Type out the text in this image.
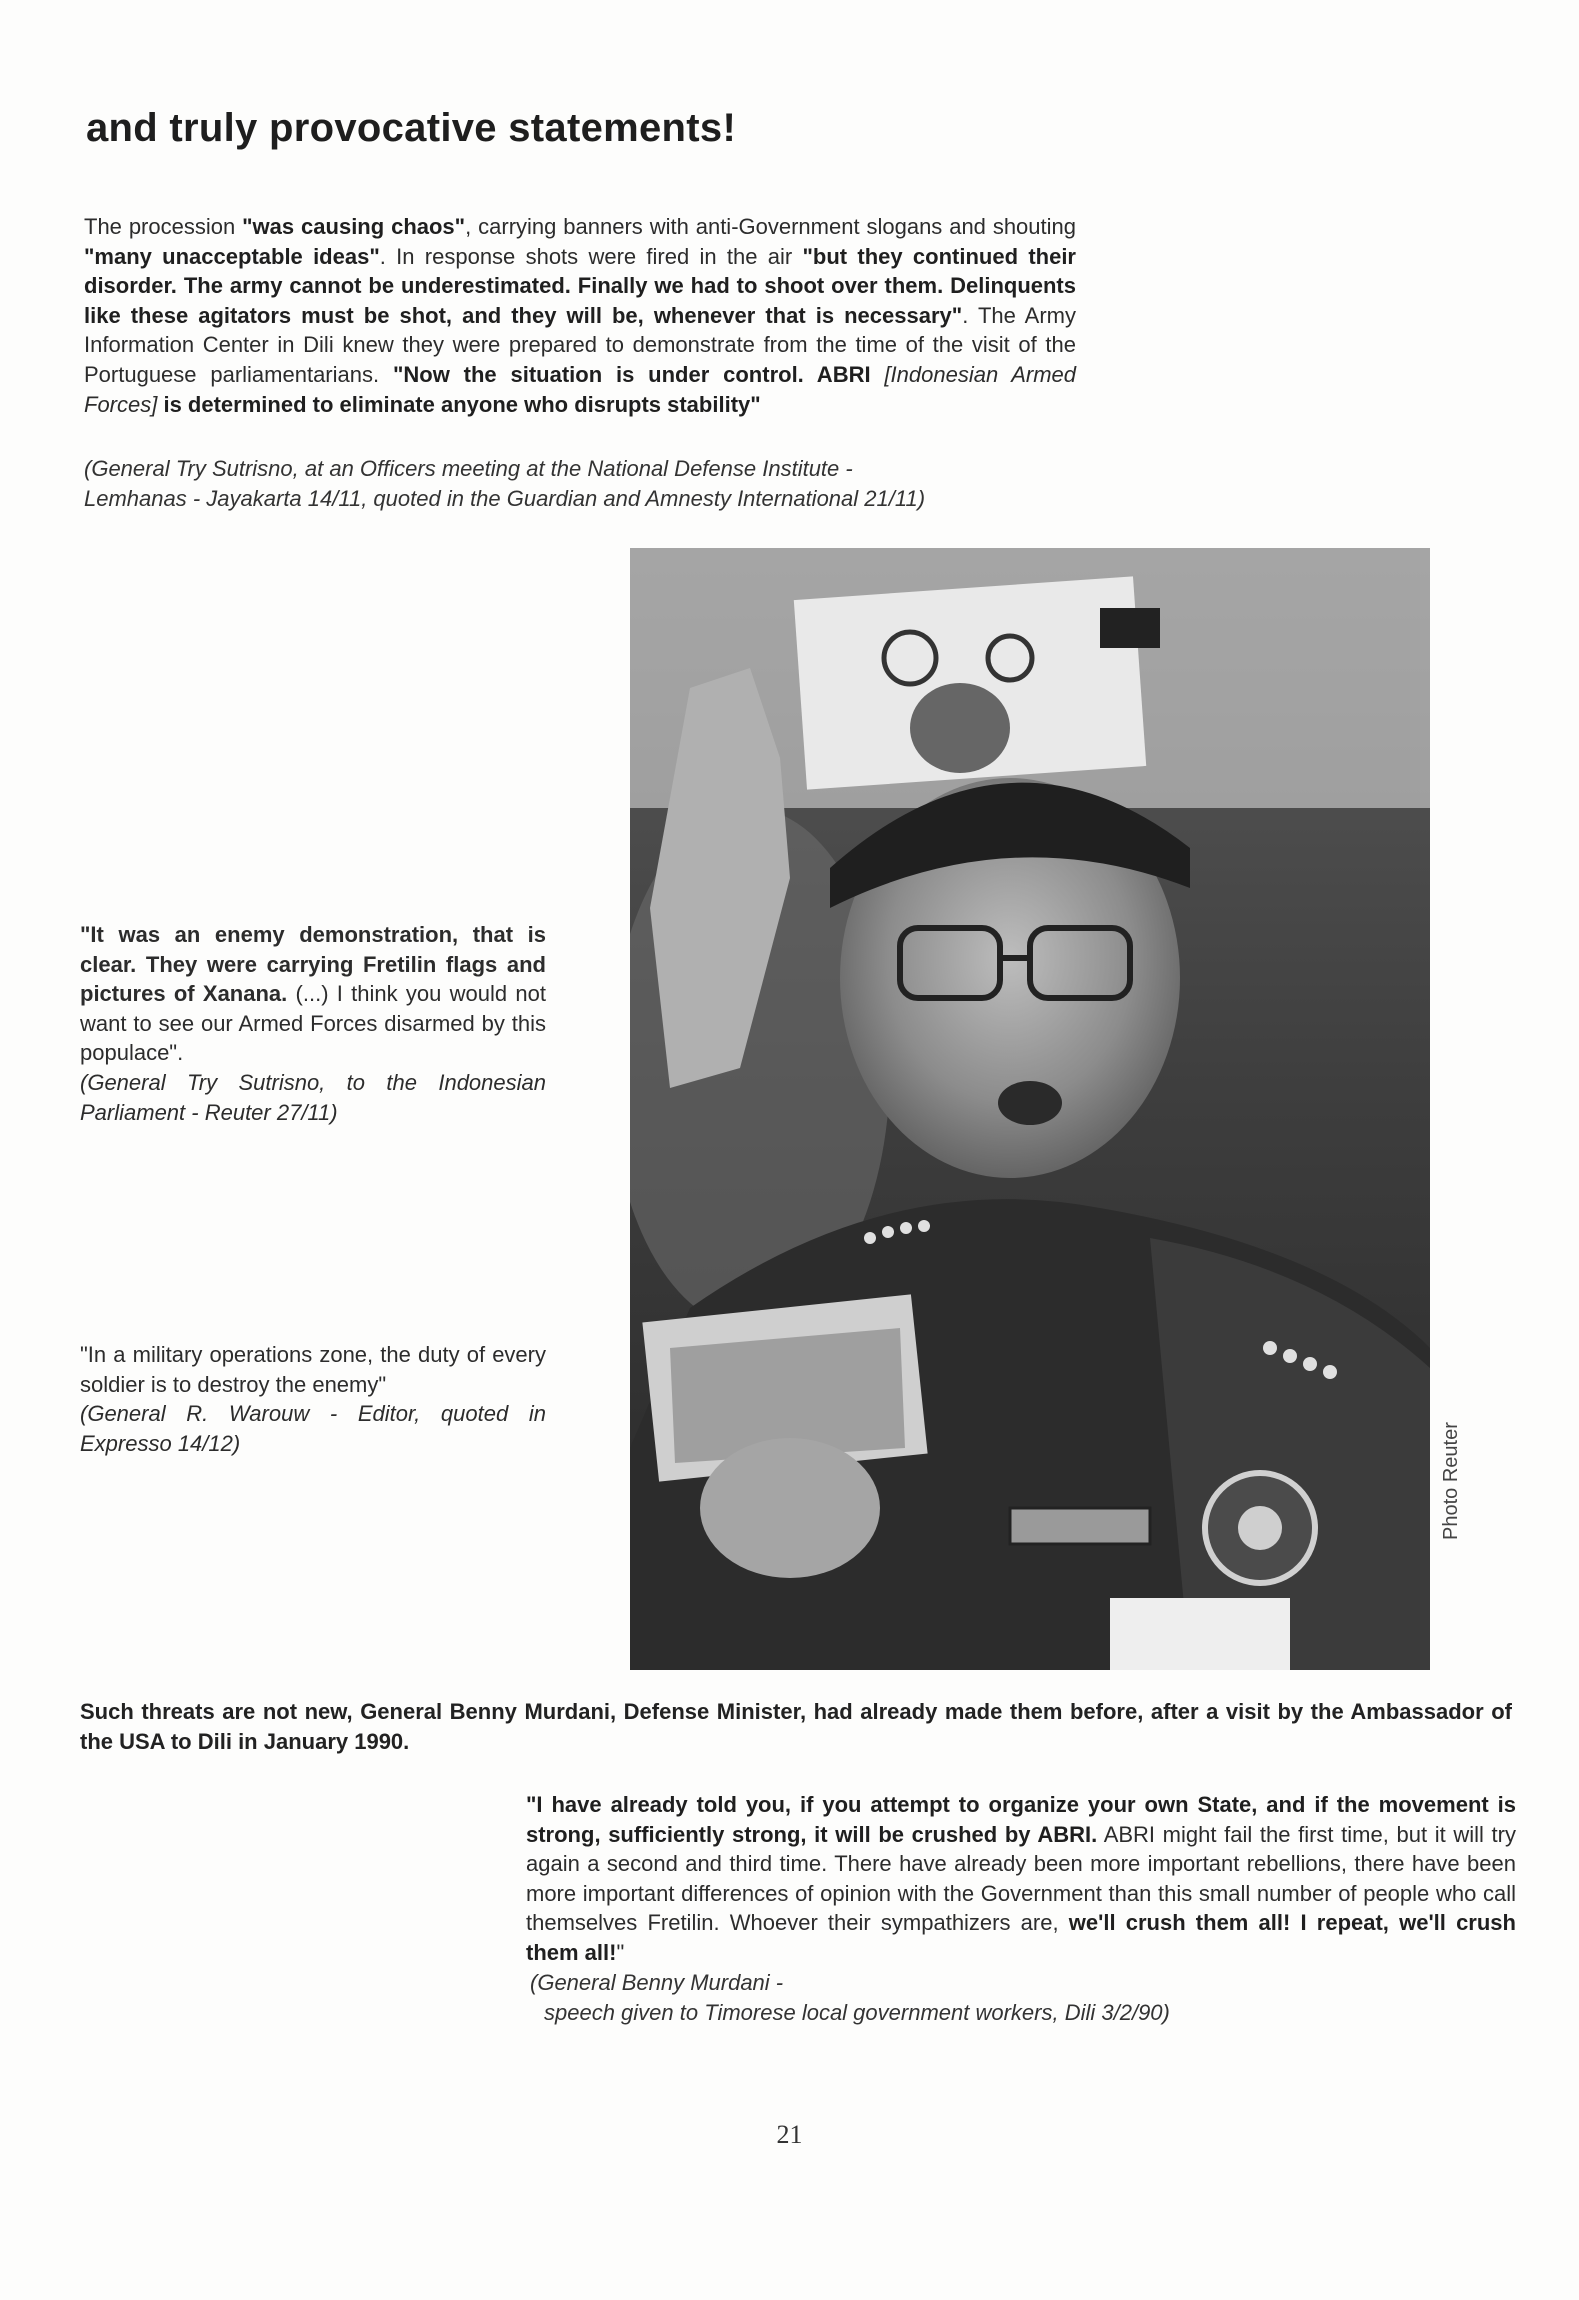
and truly provocative statements!

The procession "was causing chaos", carrying banners with anti-Government slogans and shouting "many unacceptable ideas". In response shots were fired in the air "but they continued their disorder. The army cannot be underestimated. Finally we had to shoot over them. Delinquents like these agitators must be shot, and they will be, whenever that is necessary". The Army Information Center in Dili knew they were prepared to demonstrate from the time of the visit of the Portuguese parliamentarians. "Now the situation is under control. ABRI [Indonesian Armed Forces] is determined to eliminate anyone who disrupts stability"

(General Try Sutrisno, at an Officers meeting at the National Defense Institute -
Lemhanas - Jayakarta 14/11, quoted in the Guardian and Amnesty International 21/11)

Photo Reuter

"It was an enemy demonstration, that is clear. They were carrying Fretilin flags and pictures of Xanana. (...) I think you would not want to see our Armed Forces disarmed by this populace".
(General Try Sutrisno, to the Indonesian Parliament - Reuter 27/11)

"In a military operations zone, the duty of every soldier is to destroy the enemy"
(General R. Warouw - Editor, quoted in Expresso 14/12)

Such threats are not new, General Benny Murdani, Defense Minister, had already made them before, after a visit by the Ambassador of the USA to Dili in January 1990.

"I have already told you, if you attempt to organize your own State, and if the movement is strong, sufficiently strong, it will be crushed by ABRI. ABRI might fail the first time, but it will try again a second and third time. There have already been more important rebellions, there have been more important differences of opinion with the Government than this small number of people who call themselves Fretilin. Whoever their sympathizers are, we'll crush them all! I repeat, we'll crush them all!"

(General Benny Murdani -
speech given to Timorese local government workers, Dili 3/2/90)

21
